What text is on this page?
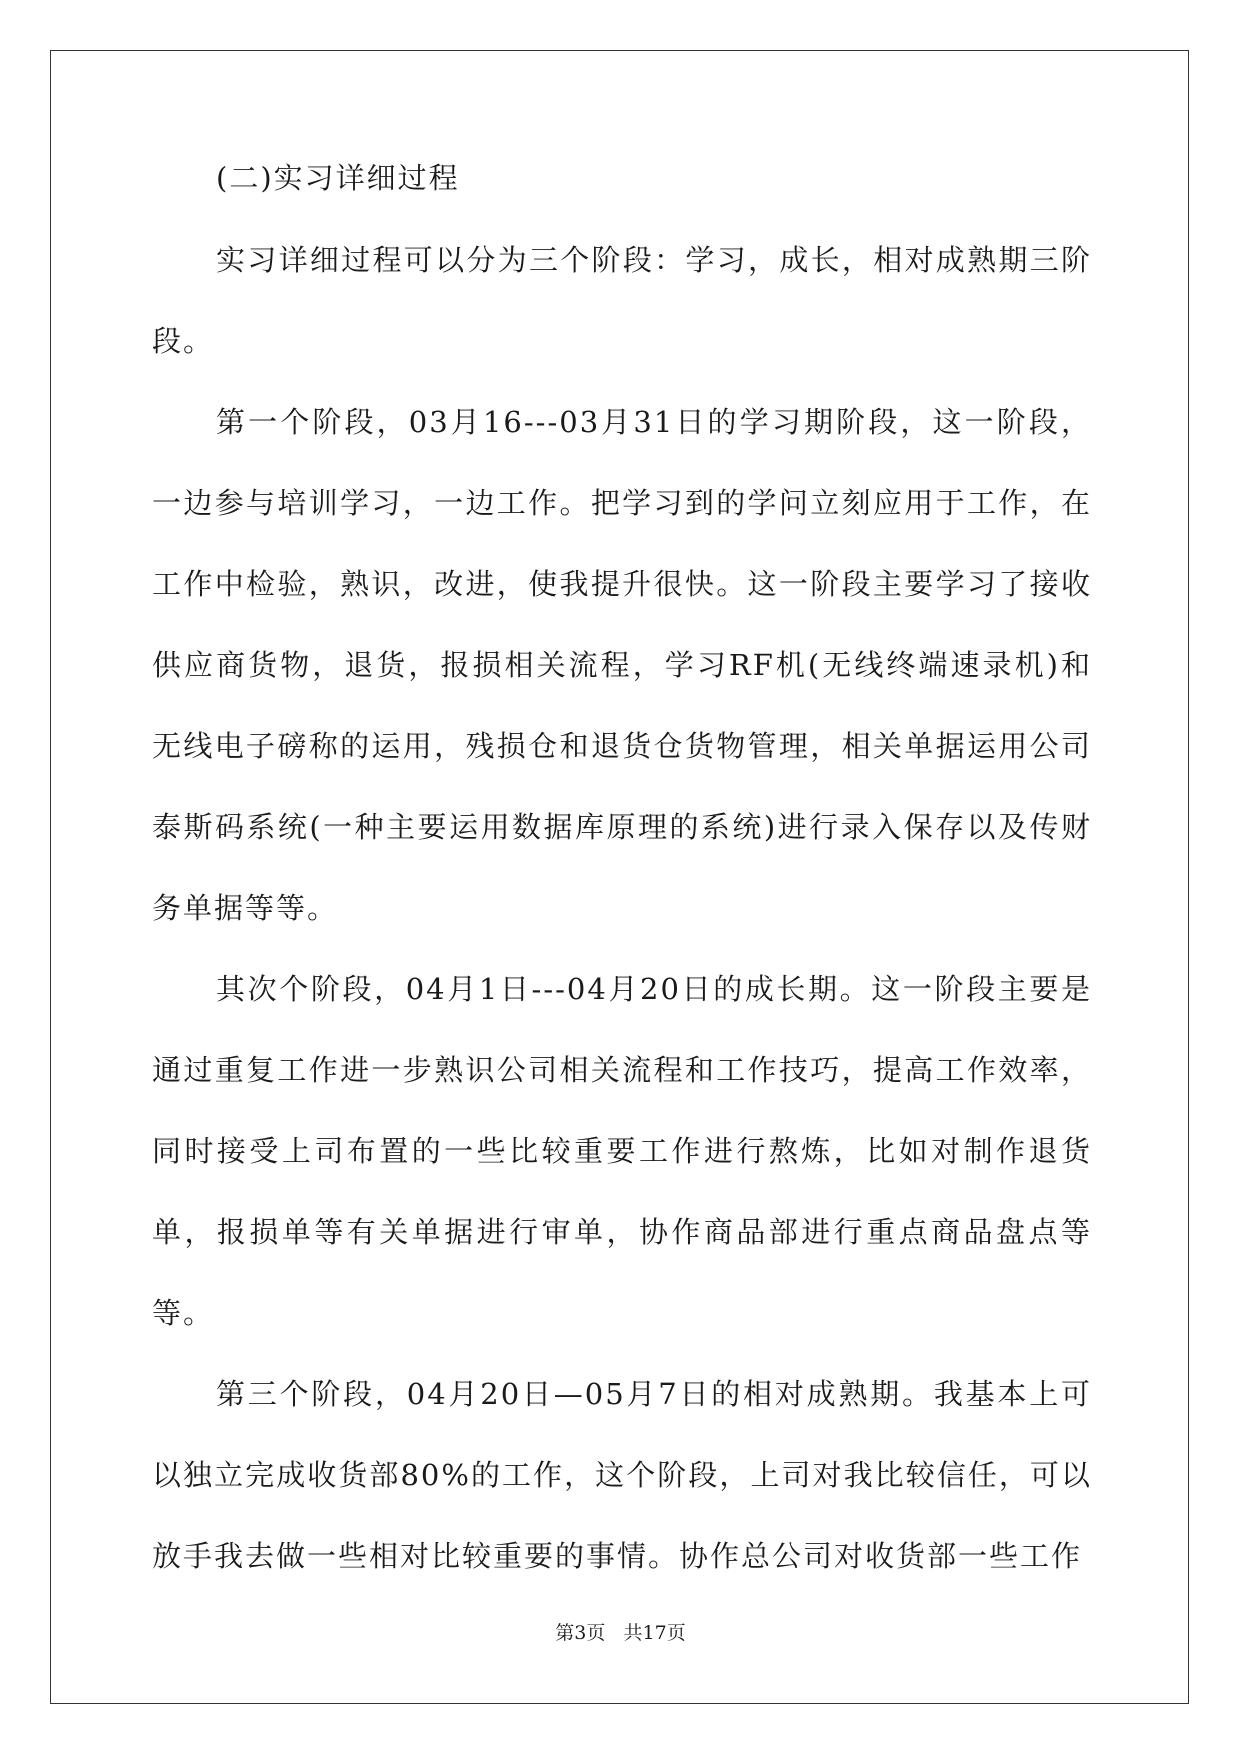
(二)实习详细过程

实习详细过程可以分为三个阶段：学习，成长，相对成熟期三阶段。

第一个阶段，03月16---03月31日的学习期阶段，这一阶段，一边参与培训学习，一边工作。把学习到的学问立刻应用于工作，在工作中检验，熟识，改进，使我提升很快。这一阶段主要学习了接收供应商货物，退货，报损相关流程，学习RF机(无线终端速录机)和无线电子磅称的运用，残损仓和退货仓货物管理，相关单据运用公司泰斯码系统(一种主要运用数据库原理的系统)进行录入保存以及传财务单据等等。

其次个阶段，04月1日---04月20日的成长期。这一阶段主要是通过重复工作进一步熟识公司相关流程和工作技巧，提高工作效率，同时接受上司布置的一些比较重要工作进行熬炼，比如对制作退货单，报损单等有关单据进行审单，协作商品部进行重点商品盘点等等。

第三个阶段，04月20日—05月7日的相对成熟期。我基本上可以独立完成收货部80%的工作，这个阶段，上司对我比较信任，可以放手我去做一些相对比较重要的事情。协作总公司对收货部一些工作

第3页 共17页
